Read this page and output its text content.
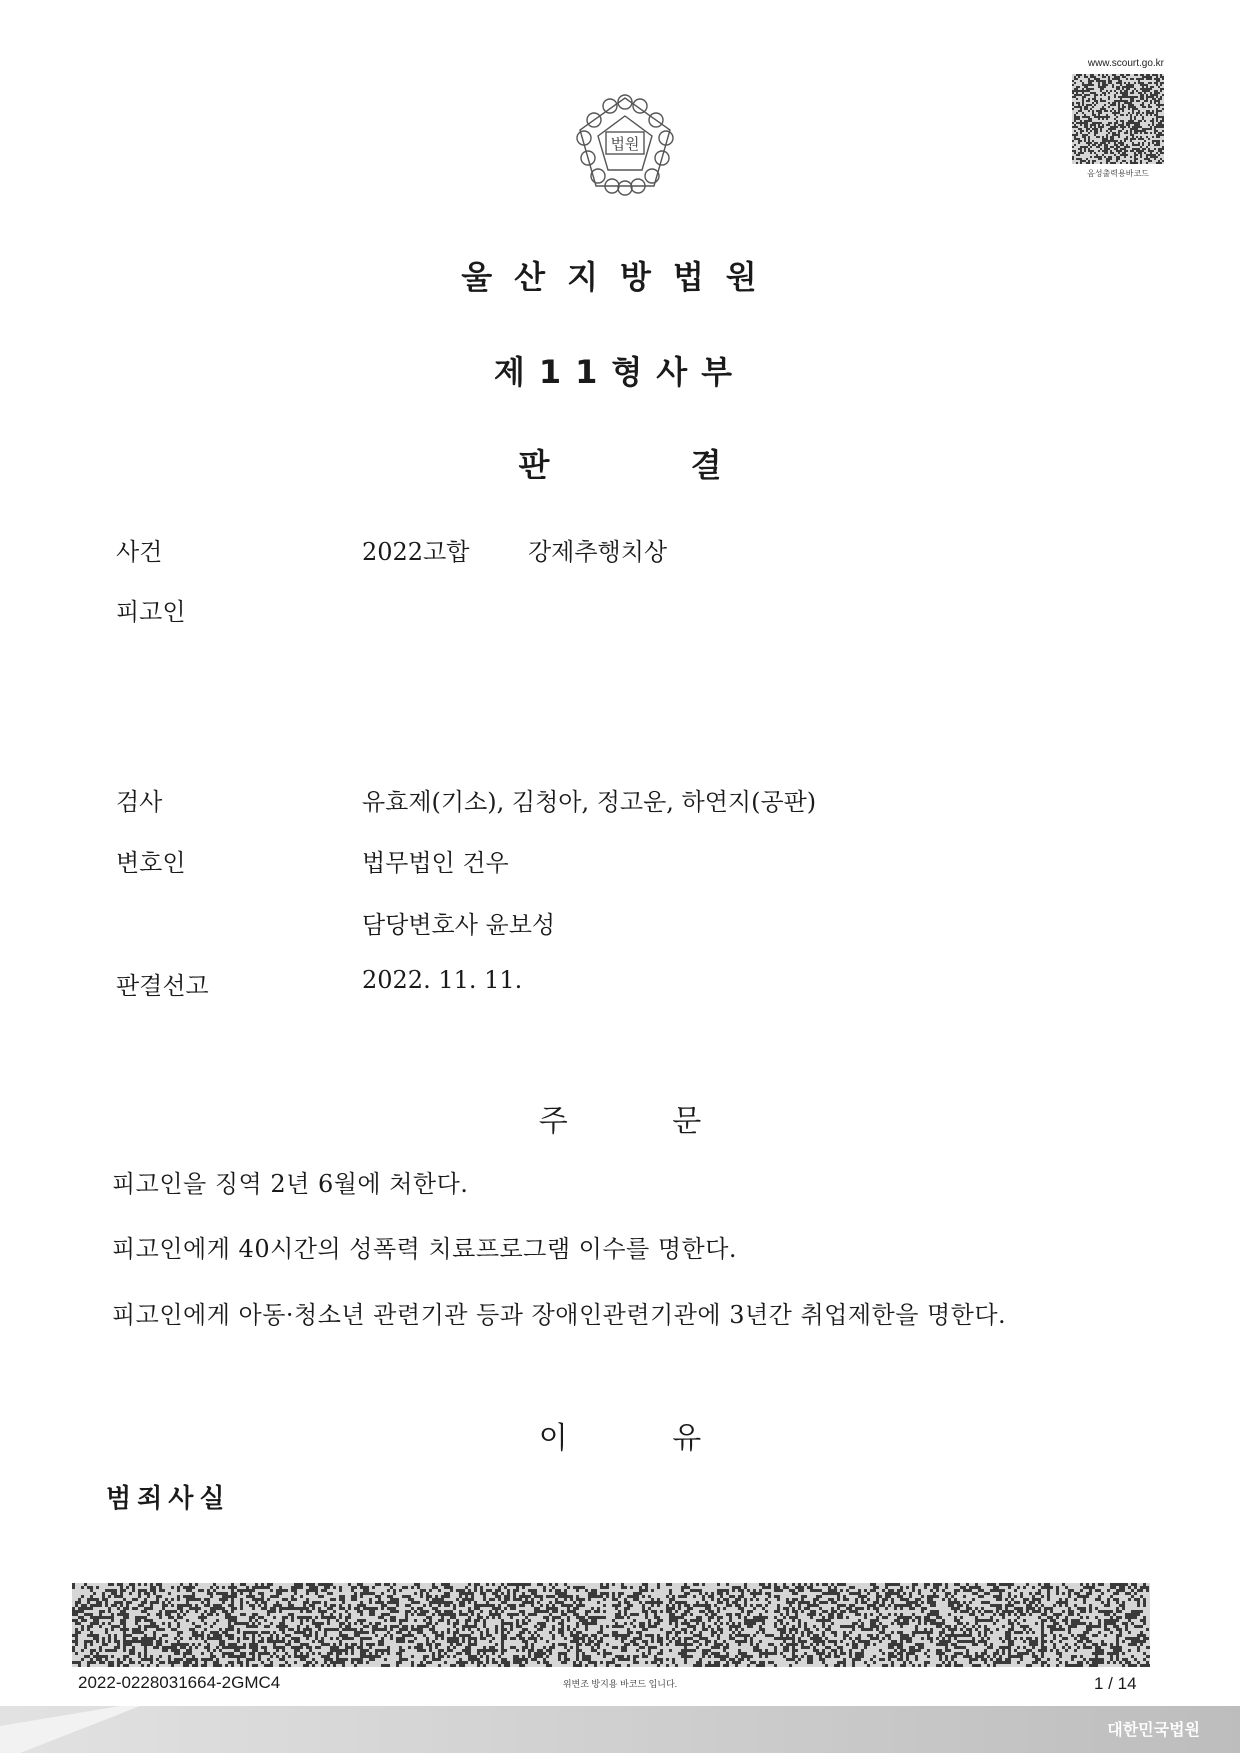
법원
www.scourt.go.kr
음성출력용바코드
울산지방법원
제11형사부
판 결
사건	2022고합 강제추행치상
피고인
검사	유효제(기소), 김청아, 정고운, 하연지(공판)
변호인	법무법인 건우
담당변호사 윤보성
판결선고	2022. 11. 11.
주 문
피고인을 징역 2년 6월에 처한다.
피고인에게 40시간의 성폭력 치료프로그램 이수를 명한다.
피고인에게 아동·청소년 관련기관 등과 장애인관련기관에 3년간 취업제한을 명한다.
이 유
범죄사실
2022-0228031664-2GMC4	위변조 방지용 바코드 입니다.	1 / 14
대한민국법원
